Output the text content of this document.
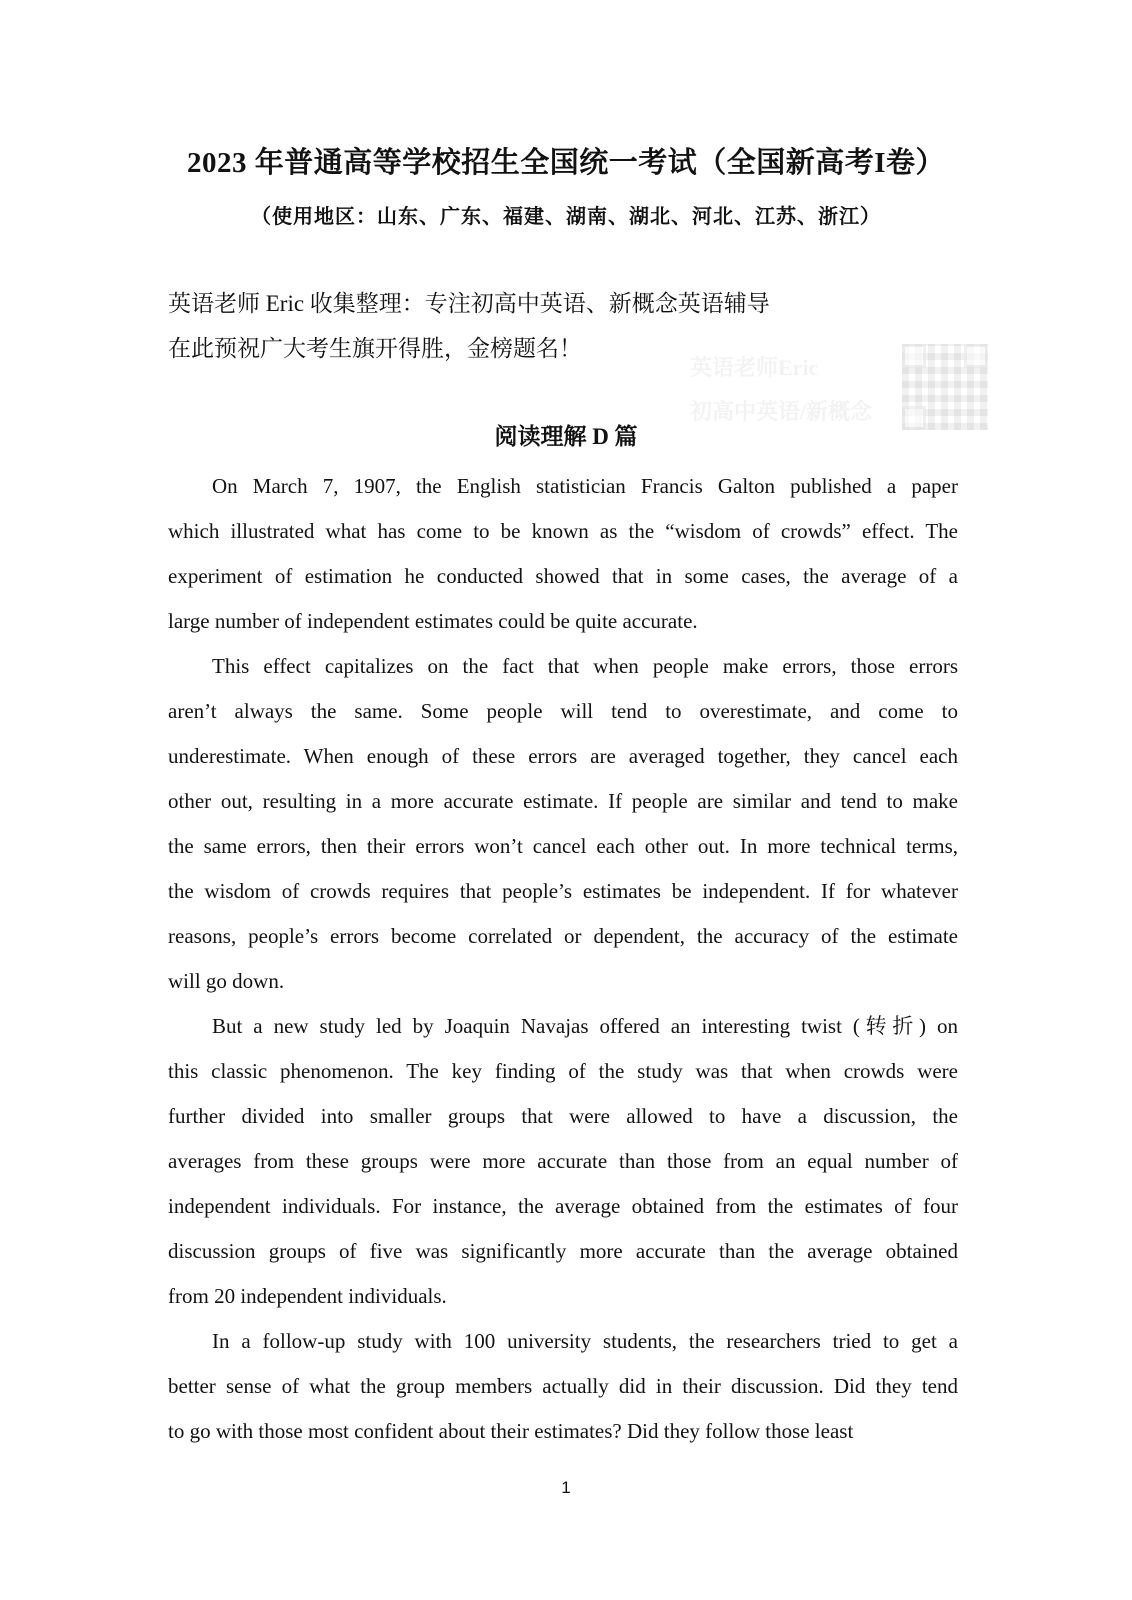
2023 年普通高等学校招生全国统一考试（全国新高考I卷）
（使用地区：山东、广东、福建、湖南、湖北、河北、江苏、浙江）
英语老师 Eric 收集整理：专注初高中英语、新概念英语辅导
在此预祝广大考生旗开得胜，金榜题名！
英语老师Eric
初高中英语/新概念
阅读理解 D 篇
On March 7, 1907, the English statistician Francis Galton published a paper
which illustrated what has come to be known as the “wisdom of crowds” effect. The
experiment of estimation he conducted showed that in some cases, the average of a
large number of independent estimates could be quite accurate.
This effect capitalizes on the fact that when people make errors, those errors
aren’t always the same. Some people will tend to overestimate, and come to
underestimate. When enough of these errors are averaged together, they cancel each
other out, resulting in a more accurate estimate. If people are similar and tend to make
the same errors, then their errors won’t cancel each other out. In more technical terms,
the wisdom of crowds requires that people’s estimates be independent. If for whatever
reasons, people’s errors become correlated or dependent, the accuracy of the estimate
will go down.
But a new study led by Joaquin Navajas offered an interesting twist (转折) on
this classic phenomenon. The key finding of the study was that when crowds were
further divided into smaller groups that were allowed to have a discussion, the
averages from these groups were more accurate than those from an equal number of
independent individuals. For instance, the average obtained from the estimates of four
discussion groups of five was significantly more accurate than the average obtained
from 20 independent individuals.
In a follow-up study with 100 university students, the researchers tried to get a
better sense of what the group members actually did in their discussion. Did they tend
to go with those most confident about their estimates? Did they follow those least
1
